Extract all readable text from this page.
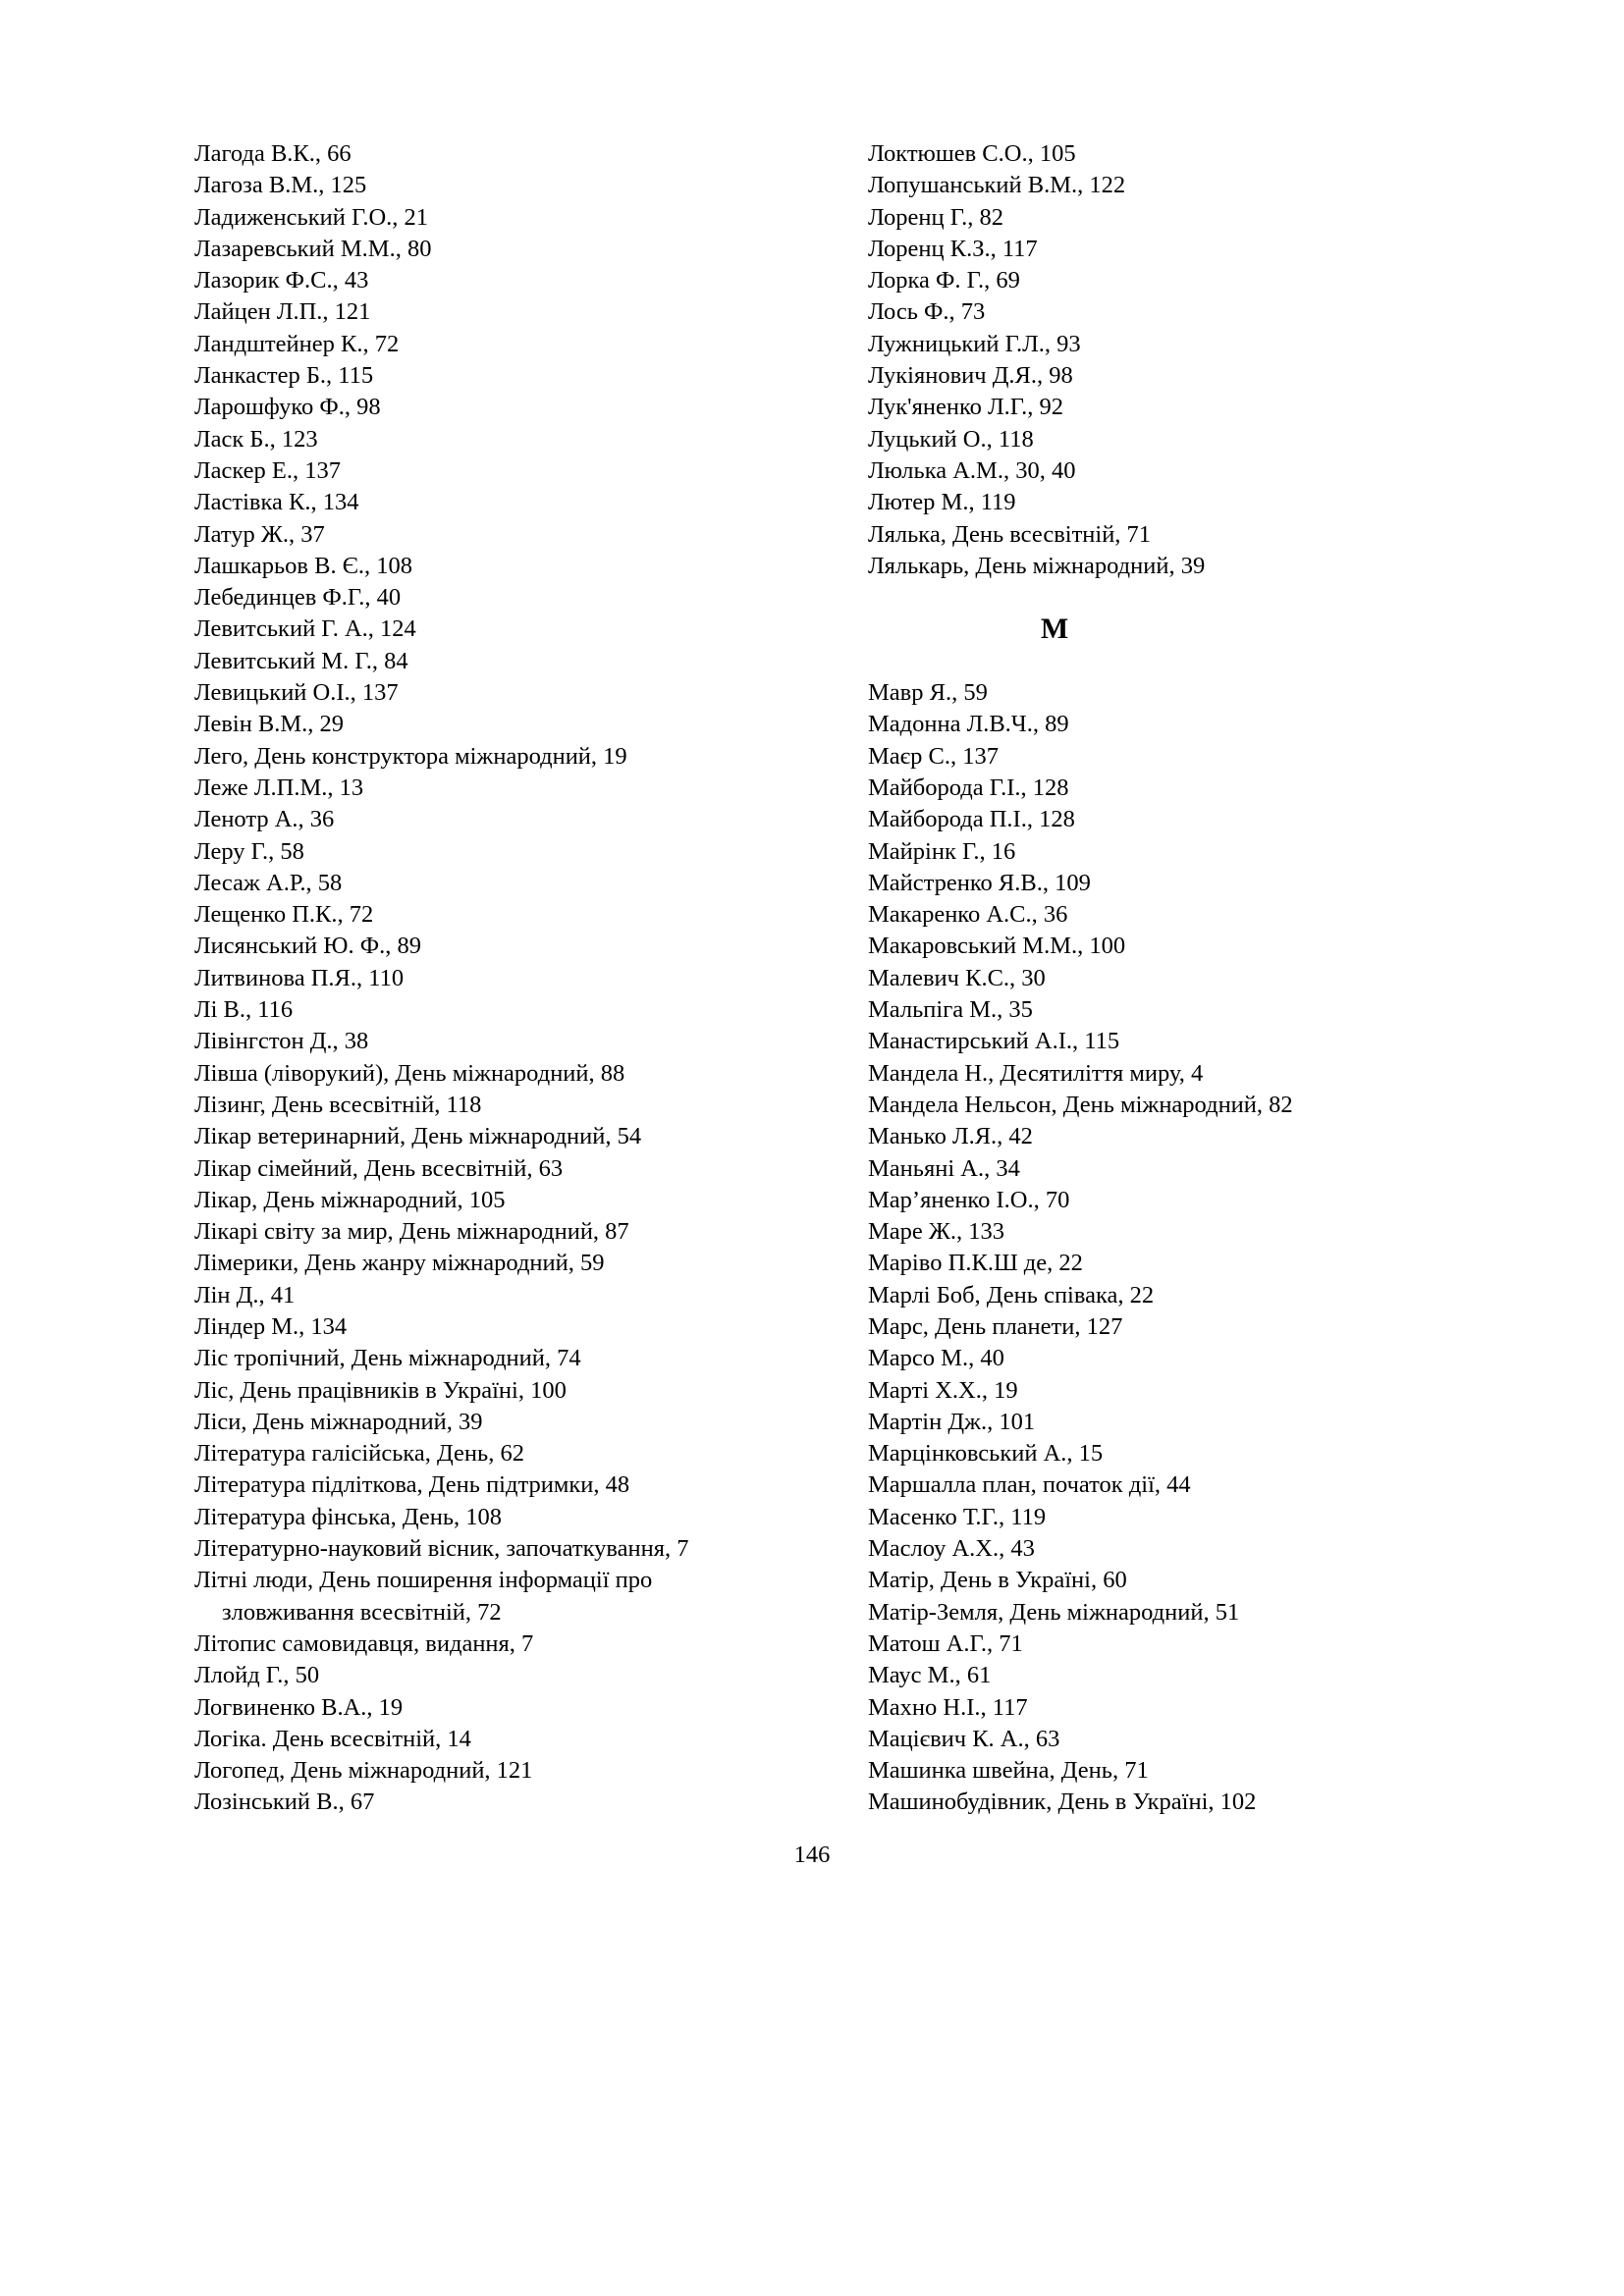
Лагода В.К., 66
Лагоза В.М., 125
Ладиженський Г.О., 21
Лазаревський М.М., 80
Лазорик Ф.С., 43
Лайцен Л.П., 121
Ландштейнер К., 72
Ланкастер Б., 115
Ларошфуко Ф., 98
Ласк Б., 123
Ласкер Е., 137
Ластівка К., 134
Латур Ж., 37
Лашкарьов В. Є., 108
Лебединцев Ф.Г., 40
Левитський Г. А., 124
Левитський М. Г., 84
Левицький О.І., 137
Левін В.М., 29
Лего, День конструктора міжнародний, 19
Леже Л.П.М., 13
Ленотр А., 36
Леру Г., 58
Лесаж А.Р., 58
Лещенко П.К., 72
Лисянський Ю. Ф., 89
Литвинова П.Я., 110
Лі В., 116
Лівінгстон Д., 38
Лівша (ліворукий), День міжнародний, 88
Лізинг, День всесвітній, 118
Лікар ветеринарний, День міжнародний, 54
Лікар сімейний, День всесвітній, 63
Лікар, День міжнародний, 105
Лікарі світу за мир, День міжнародний, 87
Лімерики, День жанру міжнародний, 59
Лін Д., 41
Ліндер М., 134
Ліс тропічний, День міжнародний, 74
Ліс, День працівників в Україні, 100
Ліси, День міжнародний, 39
Література галісійська, День, 62
Література підліткова, День підтримки, 48
Література фінська, День, 108
Літературно-науковий вісник, започаткування, 7
Літні люди, День поширення інформації про
зловживання всесвітній, 72
Літопис самовидавця, видання, 7
Ллойд Г., 50
Логвиненко В.А., 19
Логіка. День всесвітній, 14
Логопед, День міжнародний, 121
Лозінський В., 67
Локтюшев С.О., 105
Лопушанський В.М., 122
Лоренц Г., 82
Лоренц К.З., 117
Лорка Ф. Г., 69
Лось Ф., 73
Лужницький Г.Л., 93
Лукіянович Д.Я., 98
Лук'яненко Л.Г., 92
Луцький О., 118
Люлька А.М., 30, 40
Лютер М., 119
Лялька, День всесвітній, 71
Лялькарь, День міжнародний, 39
М
Мавр Я., 59
Мадонна Л.В.Ч., 89
Маєр С., 137
Майборода Г.І., 128
Майборода П.І., 128
Майрінк Г., 16
Майстренко Я.В., 109
Макаренко А.С., 36
Макаровський М.М., 100
Малевич К.С., 30
Мальпіга М., 35
Манастирський А.І., 115
Мандела Н., Десятиліття миру, 4
Мандела Нельсон, День міжнародний, 82
Манько Л.Я., 42
Маньяні А., 34
Мар’яненко І.О., 70
Маре Ж., 133
Марівo П.К.Ш де, 22
Марлі Боб, День співака, 22
Марс, День планети, 127
Марсо М., 40
Марті Х.Х., 19
Мартін Дж., 101
Марцінковський А., 15
Маршалла план, початок дії, 44
Масенко Т.Г., 119
Маслоу А.Х., 43
Матір, День в Україні, 60
Матір-Земля, День міжнародний, 51
Матош А.Г., 71
Маус М., 61
Махно Н.І., 117
Мацієвич К. А., 63
Машинка швейна, День, 71
Машинобудівник, День в Україні, 102
146
